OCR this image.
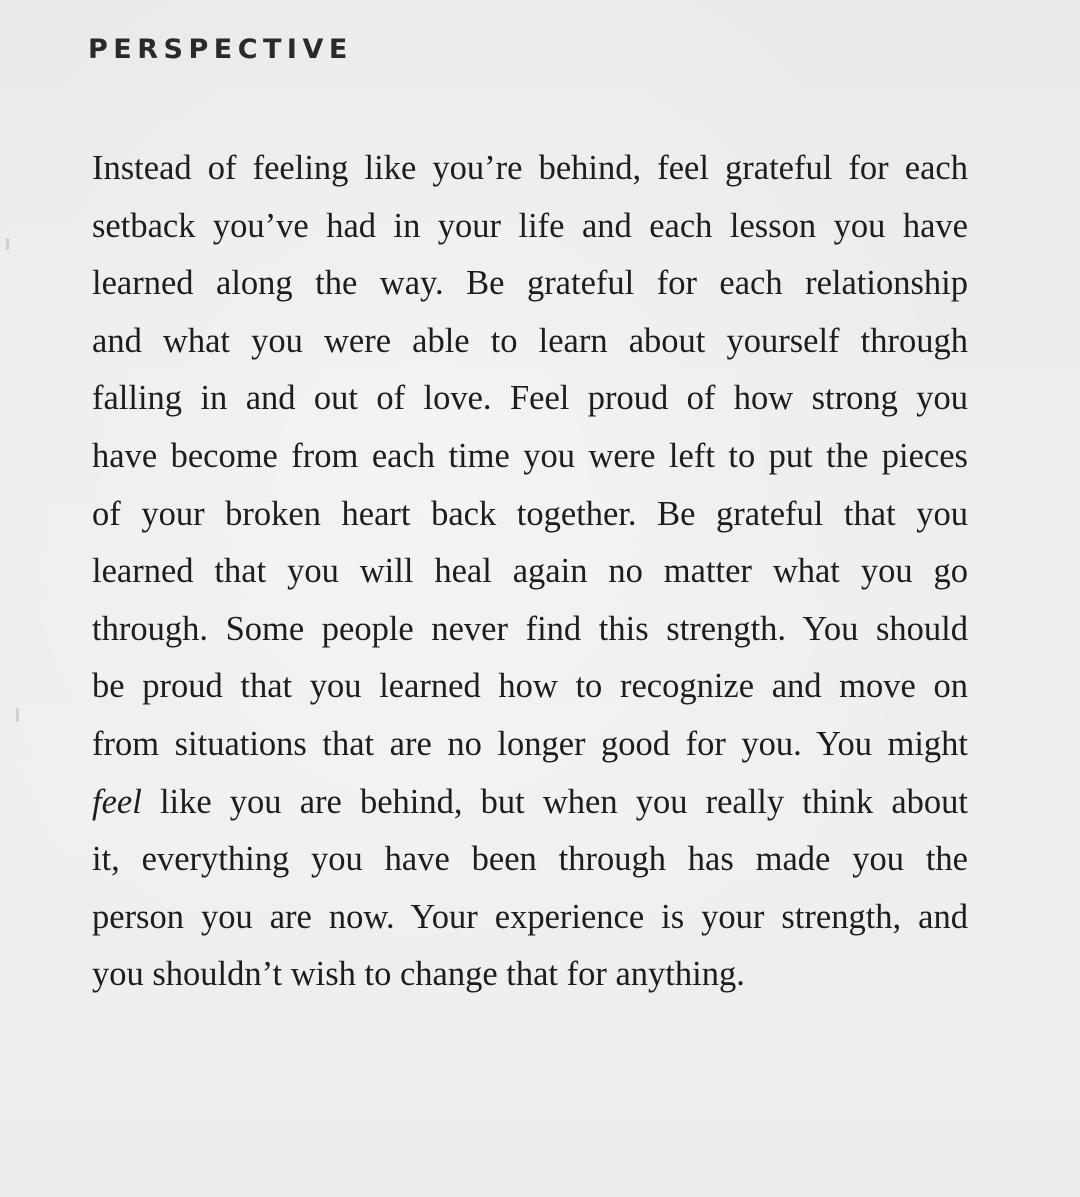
PERSPECTIVE
Instead of feeling like you’re behind, feel grateful for each
setback you’ve had in your life and each lesson you have
learned along the way. Be grateful for each relationship
and what you were able to learn about yourself through
falling in and out of love. Feel proud of how strong you
have become from each time you were left to put the pieces
of your broken heart back together. Be grateful that you
learned that you will heal again no matter what you go
through. Some people never find this strength. You should
be proud that you learned how to recognize and move on
from situations that are no longer good for you. You might
feel like you are behind, but when you really think about
it, everything you have been through has made you the
person you are now. Your experience is your strength, and
you shouldn’t wish to change that for anything.
